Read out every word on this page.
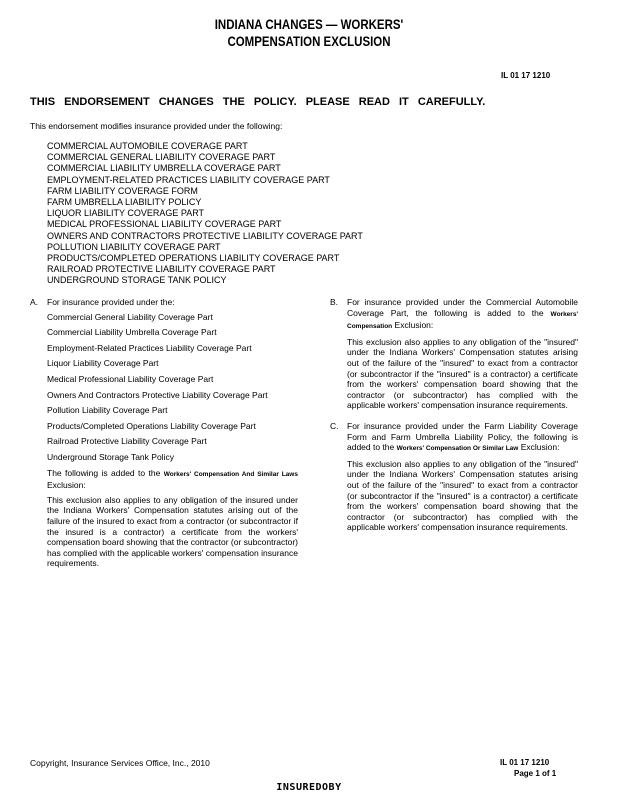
INDIANA CHANGES — WORKERS'
COMPENSATION EXCLUSION
IL 01 17 1210
THIS ENDORSEMENT CHANGES THE POLICY. PLEASE READ IT CAREFULLY.
This endorsement modifies insurance provided under the following:
COMMERCIAL AUTOMOBILE COVERAGE PART
COMMERCIAL GENERAL LIABILITY COVERAGE PART
COMMERCIAL LIABILITY UMBRELLA COVERAGE PART
EMPLOYMENT-RELATED PRACTICES LIABILITY COVERAGE PART
FARM LIABILITY COVERAGE FORM
FARM UMBRELLA LIABILITY POLICY
LIQUOR LIABILITY COVERAGE PART
MEDICAL PROFESSIONAL LIABILITY COVERAGE PART
OWNERS AND CONTRACTORS PROTECTIVE LIABILITY COVERAGE PART
POLLUTION LIABILITY COVERAGE PART
PRODUCTS/COMPLETED OPERATIONS LIABILITY COVERAGE PART
RAILROAD PROTECTIVE LIABILITY COVERAGE PART
UNDERGROUND STORAGE TANK POLICY
A.	For insurance provided under the:
Commercial General Liability Coverage Part
Commercial Liability Umbrella Coverage Part
Employment-Related Practices Liability Coverage Part
Liquor Liability Coverage Part
Medical Professional Liability Coverage Part
Owners And Contractors Protective Liability Coverage Part
Pollution Liability Coverage Part
Products/Completed Operations Liability Coverage Part
Railroad Protective Liability Coverage Part
Underground Storage Tank Policy

The following is added to the Workers' Compensation And Similar Laws Exclusion:

This exclusion also applies to any obligation of the insured under the Indiana Workers' Compensation statutes arising out of the failure of the insured to exact from a contractor (or subcontractor if the insured is a contractor) a certificate from the workers' compensation board showing that the contractor (or subcontractor) has complied with the applicable workers' compensation insurance requirements.

B.	For insurance provided under the Commercial Automobile Coverage Part, the following is added to the Workers' Compensation Exclusion:

This exclusion also applies to any obligation of the "insured" under the Indiana Workers' Compensation statutes arising out of the failure of the "insured" to exact from a contractor (or subcontractor if the "insured" is a contractor) a certificate from the workers' compensation board showing that the contractor (or subcontractor) has complied with the applicable workers' compensation insurance requirements.

C.	For insurance provided under the Farm Liability Coverage Form and Farm Umbrella Liability Policy, the following is added to the Workers' Compensation Or Similar Law Exclusion:

This exclusion also applies to any obligation of the "insured" under the Indiana Workers' Compensation statutes arising out of the failure of the "insured" to exact from a contractor (or subcontractor if the "insured" is a contractor) a certificate from the workers' compensation board showing that the contractor (or subcontractor) has complied with the applicable workers' compensation insurance requirements.

Copyright, Insurance Services Office, Inc., 2010	IL 01 17 1210
Page 1 of 1
INSUREDOBY
